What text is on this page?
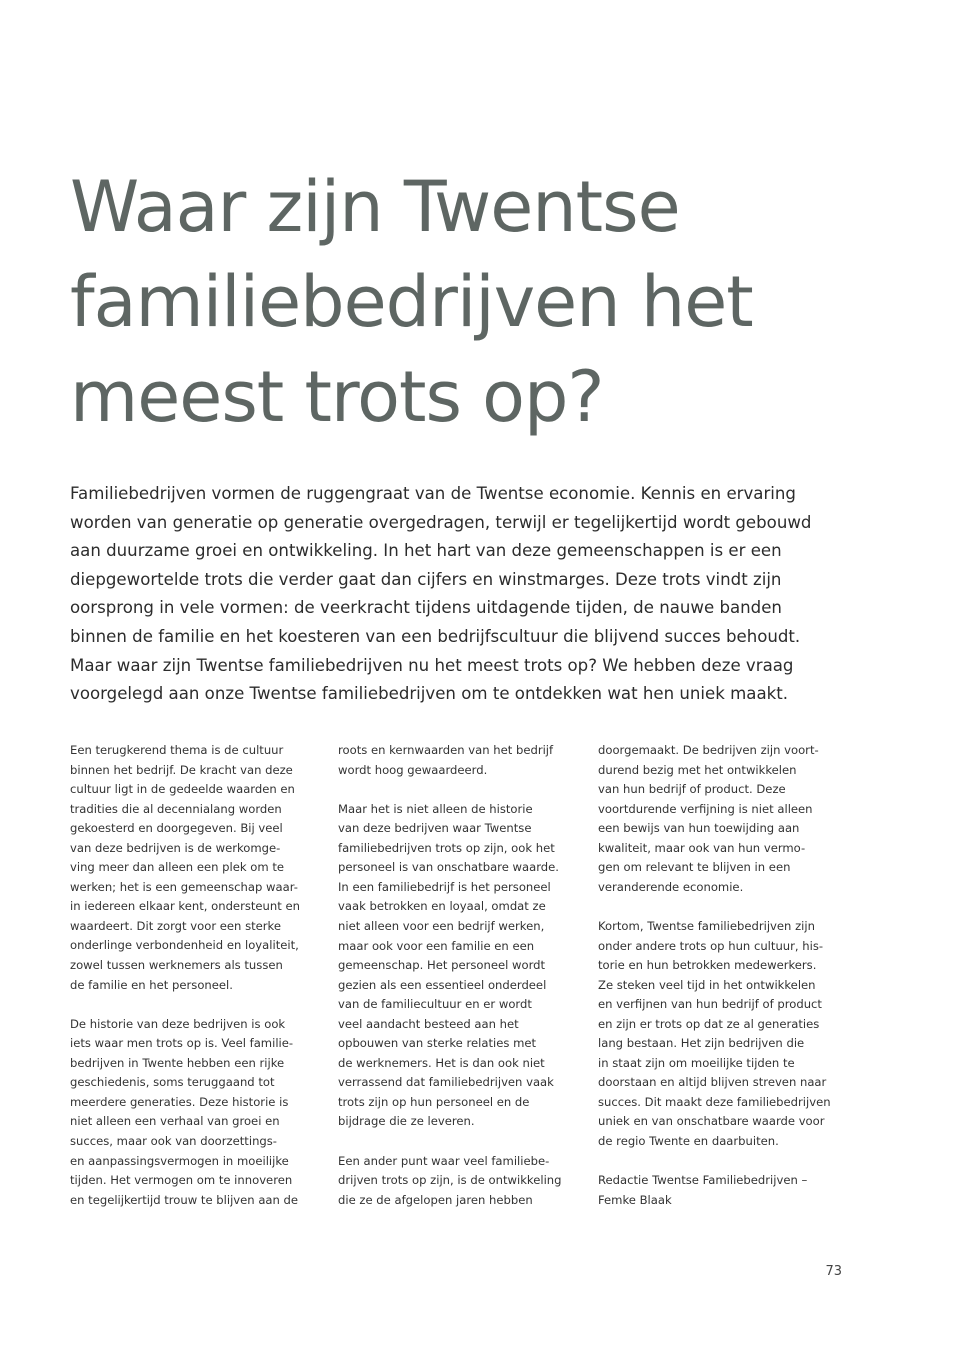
Waar zijn Twentse
familiebedrijven het
meest trots op?

Familiebedrijven vormen de ruggengraat van de Twentse economie. Kennis en ervaring
worden van generatie op generatie overgedragen, terwijl er tegelijkertijd wordt gebouwd
aan duurzame groei en ontwikkeling. In het hart van deze gemeenschappen is er een
diepgewortelde trots die verder gaat dan cijfers en winstmarges. Deze trots vindt zijn
oorsprong in vele vormen: de veerkracht tijdens uitdagende tijden, de nauwe banden
binnen de familie en het koesteren van een bedrijfscultuur die blijvend succes behoudt.
Maar waar zijn Twentse familiebedrijven nu het meest trots op? We hebben deze vraag
voorgelegd aan onze Twentse familiebedrijven om te ontdekken wat hen uniek maakt.

Een terugkerend thema is de cultuur
binnen het bedrijf. De kracht van deze
cultuur ligt in de gedeelde waarden en
tradities die al decennialang worden
gekoesterd en doorgegeven. Bij veel
van deze bedrijven is de werkomge-
ving meer dan alleen een plek om te
werken; het is een gemeenschap waar-
in iedereen elkaar kent, ondersteunt en
waardeert. Dit zorgt voor een sterke
onderlinge verbondenheid en loyaliteit,
zowel tussen werknemers als tussen
de familie en het personeel.

De historie van deze bedrijven is ook
iets waar men trots op is. Veel familie-
bedrijven in Twente hebben een rijke
geschiedenis, soms teruggaand tot
meerdere generaties. Deze historie is
niet alleen een verhaal van groei en
succes, maar ook van doorzettings-
en aanpassingsvermogen in moeilijke
tijden. Het vermogen om te innoveren
en tegelijkertijd trouw te blijven aan de

roots en kernwaarden van het bedrijf
wordt hoog gewaardeerd.

Maar het is niet alleen de historie
van deze bedrijven waar Twentse
familiebedrijven trots op zijn, ook het
personeel is van onschatbare waarde.
In een familiebedrijf is het personeel
vaak betrokken en loyaal, omdat ze
niet alleen voor een bedrijf werken,
maar ook voor een familie en een
gemeenschap. Het personeel wordt
gezien als een essentieel onderdeel
van de familiecultuur en er wordt
veel aandacht besteed aan het
opbouwen van sterke relaties met
de werknemers. Het is dan ook niet
verrassend dat familiebedrijven vaak
trots zijn op hun personeel en de
bijdrage die ze leveren.

Een ander punt waar veel familiebe-
drijven trots op zijn, is de ontwikkeling
die ze de afgelopen jaren hebben

doorgemaakt. De bedrijven zijn voort-
durend bezig met het ontwikkelen
van hun bedrijf of product. Deze
voortdurende verfijning is niet alleen
een bewijs van hun toewijding aan
kwaliteit, maar ook van hun vermo-
gen om relevant te blijven in een
veranderende economie.

Kortom, Twentse familiebedrijven zijn
onder andere trots op hun cultuur, his-
torie en hun betrokken medewerkers.
Ze steken veel tijd in het ontwikkelen
en verfijnen van hun bedrijf of product
en zijn er trots op dat ze al generaties
lang bestaan. Het zijn bedrijven die
in staat zijn om moeilijke tijden te
doorstaan en altijd blijven streven naar
succes. Dit maakt deze familiebedrijven
uniek en van onschatbare waarde voor
de regio Twente en daarbuiten.

Redactie Twentse Familiebedrijven –
Femke Blaak

73
